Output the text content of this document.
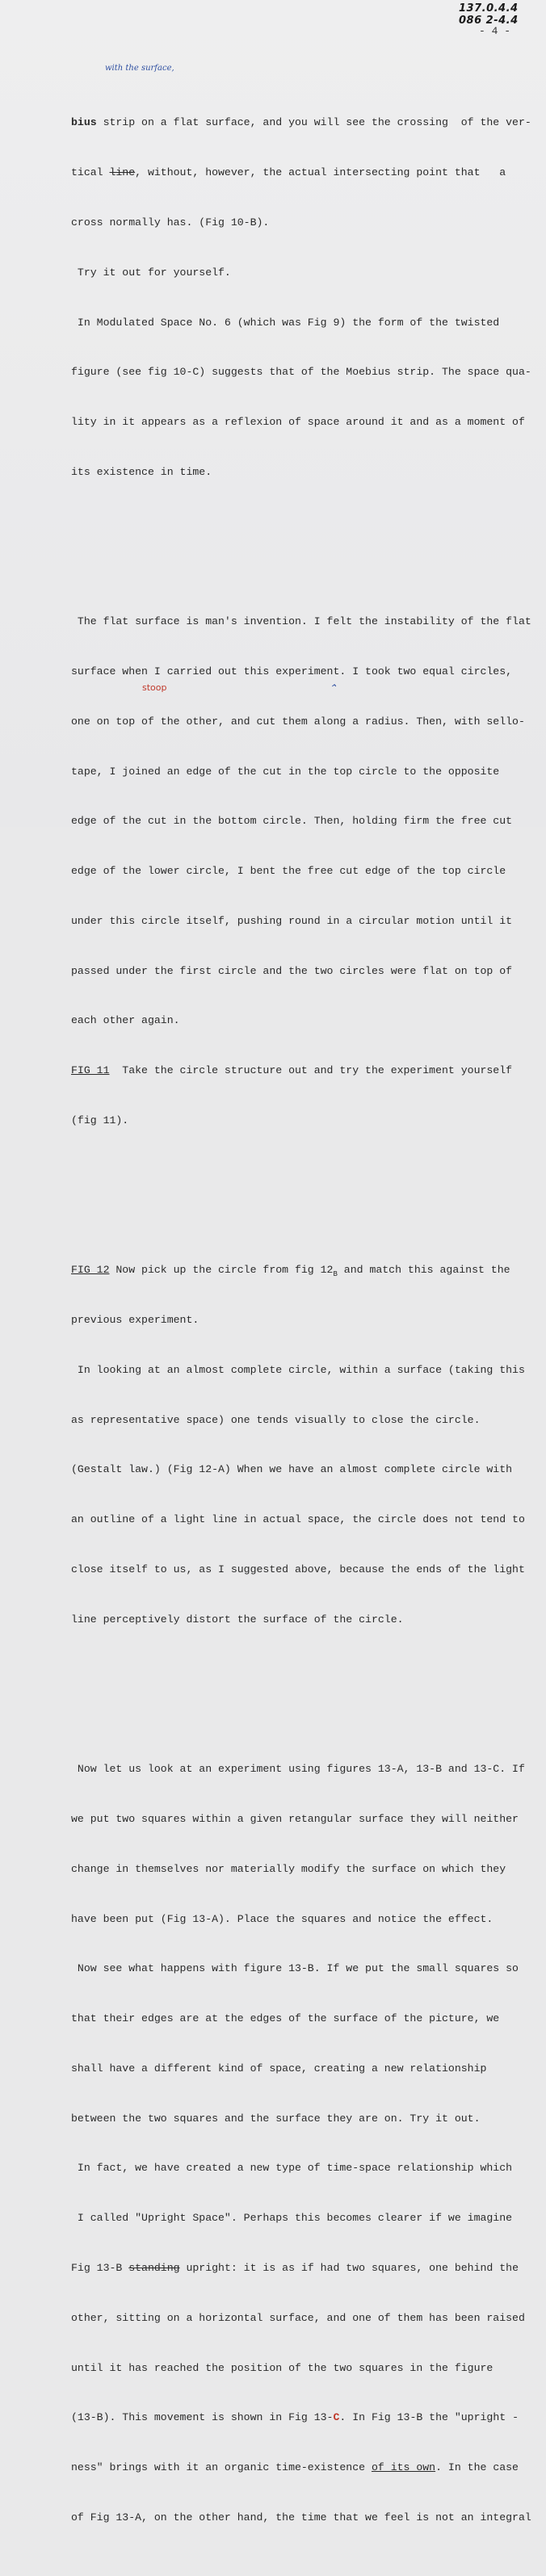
137.0.4.4
086 2-4.4
- 4 -
with the surface,
stoop	⌃

bius strip on a flat surface, and you will see the crossing  of the ver-

tical line, without, however, the actual intersecting point that   a

cross normally has. (Fig 10-B).

Try it out for yourself.

In Modulated Space No. 6 (which was Fig 9) the form of the twisted

figure (see fig 10-C) suggests that of the Moebius strip. The space qua-

lity in it appears as a reflexion of space around it and as a moment of

its existence in time.

The flat surface is man's invention. I felt the instability of the flat

surface when I carried out this experiment. I took two equal circles,

one on top of the other, and cut them along a radius. Then, with sello-

tape, I joined an edge of the cut in the top circle to the opposite

edge of the cut in the bottom circle. Then, holding firm the free cut

edge of the lower circle, I bent the free cut edge of the top circle

under this circle itself, pushing round in a circular motion until it

passed under the first circle and the two circles were flat on top of

each other again.

FIG 11  Take the circle structure out and try the experiment yourself

(fig 11).

FIG 12 Now pick up the circle from fig $12_B$ and match this against the

previous experiment.

In looking at an almost complete circle, within a surface (taking this

as representative space) one tends visually to close the circle.

(Gestalt law.) (Fig 12-A) When we have an almost complete circle with

an outline of a light line in actual space, the circle does not tend to

close itself to us, as I suggested above, because the ends of the light

line perceptively distort the surface of the circle.

Now let us look at an experiment using figures 13-A, 13-B and 13-C. If

we put two squares within a given retangular surface they will neither

change in themselves nor materially modify the surface on which they

have been put (Fig 13-A). Place the squares and notice the effect.

Now see what happens with figure 13-B. If we put the small squares so

that their edges are at the edges of the surface of the picture, we

shall have a different kind of space, creating a new relationship

between the two squares and the surface they are on. Try it out.

In fact, we have created a new type of time-space relationship which

I called "Upright Space". Perhaps this becomes clearer if we imagine

Fig 13-B standing upright: it is as if had two squares, one behind the

other, sitting on a horizontal surface, and one of them has been raised

until it has reached the position of the two squares in the figure

(13-B). This movement is shown in Fig 13-C. In Fig 13-B the "upright -

ness" brings with it an organic time-existence of its own. In the case

of Fig 13-A, on the other hand, the time that we feel is not an integral
